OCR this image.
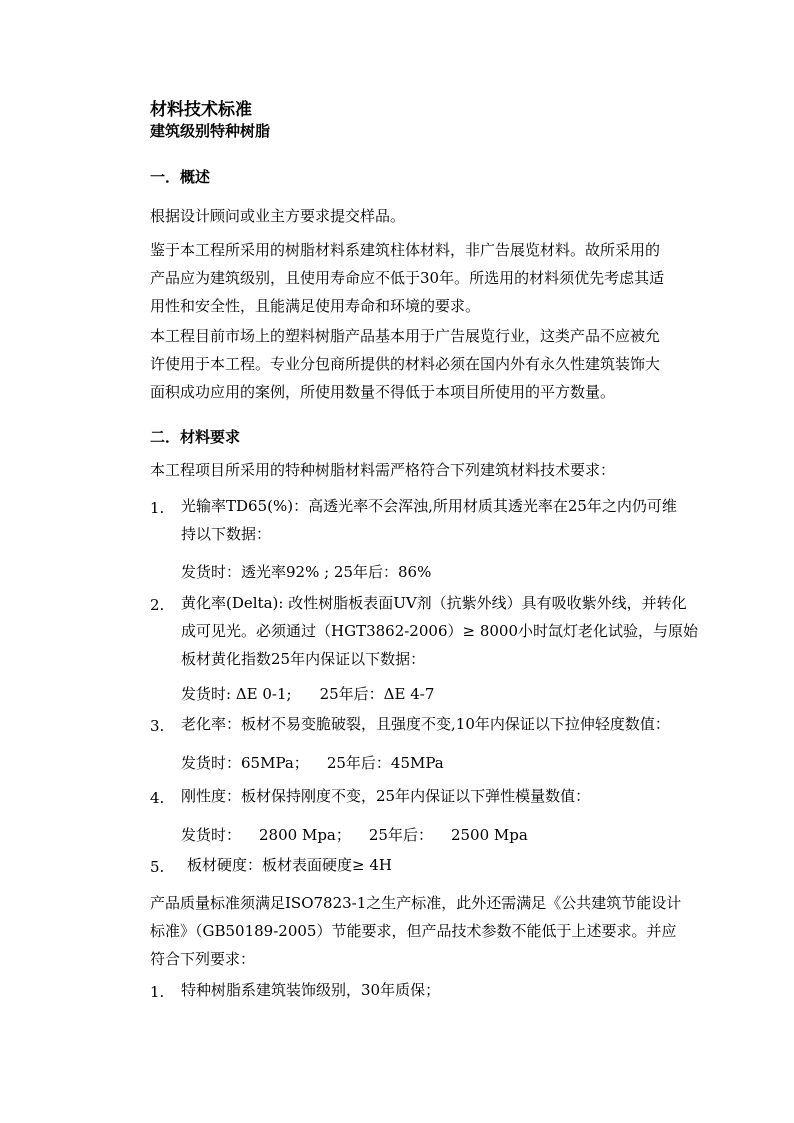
材料技术标准
建筑级别特种树脂
一．概述
根据设计顾问或业主方要求提交样品。
鉴于本工程所采用的树脂材料系建筑柱体材料，非广告展览材料。故所采用的
产品应为建筑级别，且使用寿命应不低于30年。所选用的材料须优先考虑其适
用性和安全性，且能满足使用寿命和环境的要求。
本工程目前市场上的塑料树脂产品基本用于广告展览行业，这类产品不应被允
许使用于本工程。专业分包商所提供的材料必须在国内外有永久性建筑装饰大
面积成功应用的案例，所使用数量不得低于本项目所使用的平方数量。
二．材料要求
本工程项目所采用的特种树脂材料需严格符合下列建筑材料技术要求：
1. 光输率TD65(%)：高透光率不会浑浊,所用材质其透光率在25年之内仍可维
持以下数据：
发货时：透光率92% ; 25年后：86%
2. 黄化率(Delta): 改性树脂板表面UV剂（抗紫外线）具有吸收紫外线，并转化
成可见光。必须通过（HGT3862-2006）≥ 8000小时氙灯老化试验，与原始
板材黄化指数25年内保证以下数据：
发货时: ΔE 0-1; 25年后：ΔE 4-7
3. 老化率：板材不易变脆破裂，且强度不变,10年内保证以下拉伸轻度数值：
发货时：65MPa； 25年后：45MPa
4. 刚性度：板材保持刚度不变，25年内保证以下弹性模量数值：
发货时： 2800 Mpa； 25年后： 2500 Mpa
5. 板材硬度：板材表面硬度≥ 4H
产品质量标准须满足ISO7823-1之生产标准，此外还需满足《公共建筑节能设计
标准》（GB50189-2005）节能要求，但产品技术参数不能低于上述要求。并应
符合下列要求：
1. 特种树脂系建筑装饰级别，30年质保；
